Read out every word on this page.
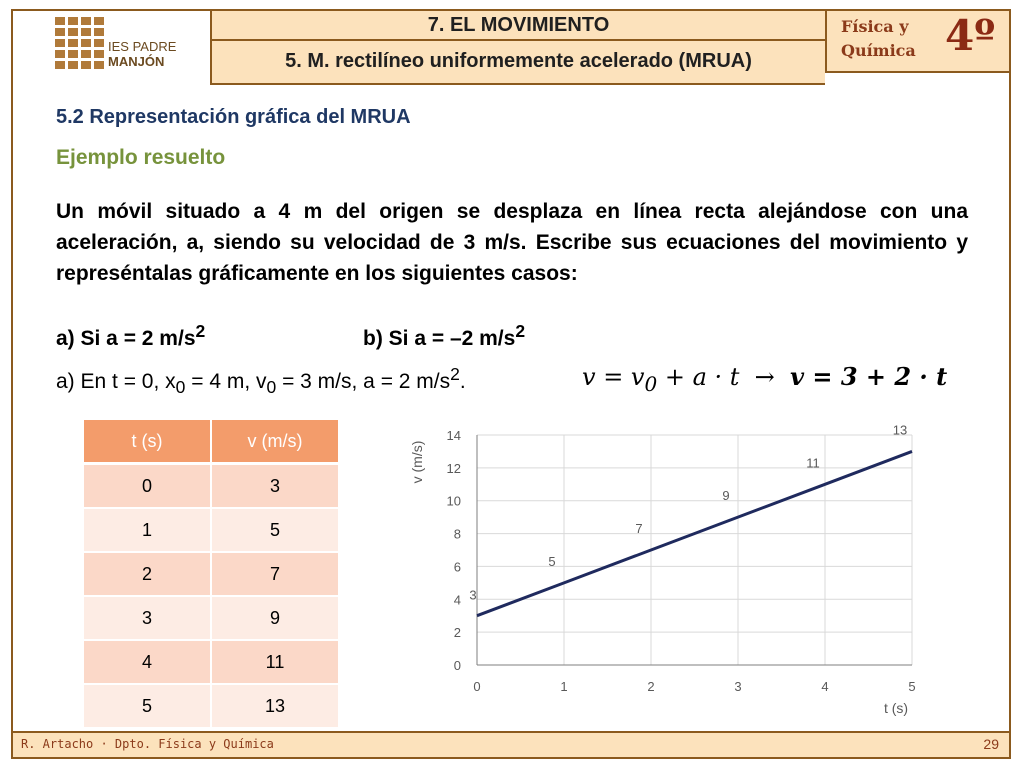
IES PADRE
MANJÓN
7. EL MOVIMIENTO
5. M. rectilíneo uniformemente acelerado (MRUA)
Física y
Química 4º
5.2 Representación gráfica del MRUA
Ejemplo resuelto
Un móvil situado a 4 m del origen se desplaza en línea recta alejándose con una aceleración, a, siendo su velocidad de 3 m/s. Escribe sus ecuaciones del movimiento y represéntalas gráficamente en los siguientes casos:
a) Si a = 2 $m/s^2$	b) Si a = –2 $m/s^2$
a) En t = 0, $x_0 = 4$ m, $v_0 = 3$ m/s, a = 2 $m/s^2$.	$v = v_0 + a \cdot t \to v = 3 + 2 \cdot t$
t (s)	v (m/s)
0	3
1	5
2	7
3	9
4	11
5	13
0
2
4
6
8
10
12
14
0	1	2	3	4	5
3
5
7
9
11
13
t (s)
v (m/s)
R. Artacho · Dpto. Física y Química	29
